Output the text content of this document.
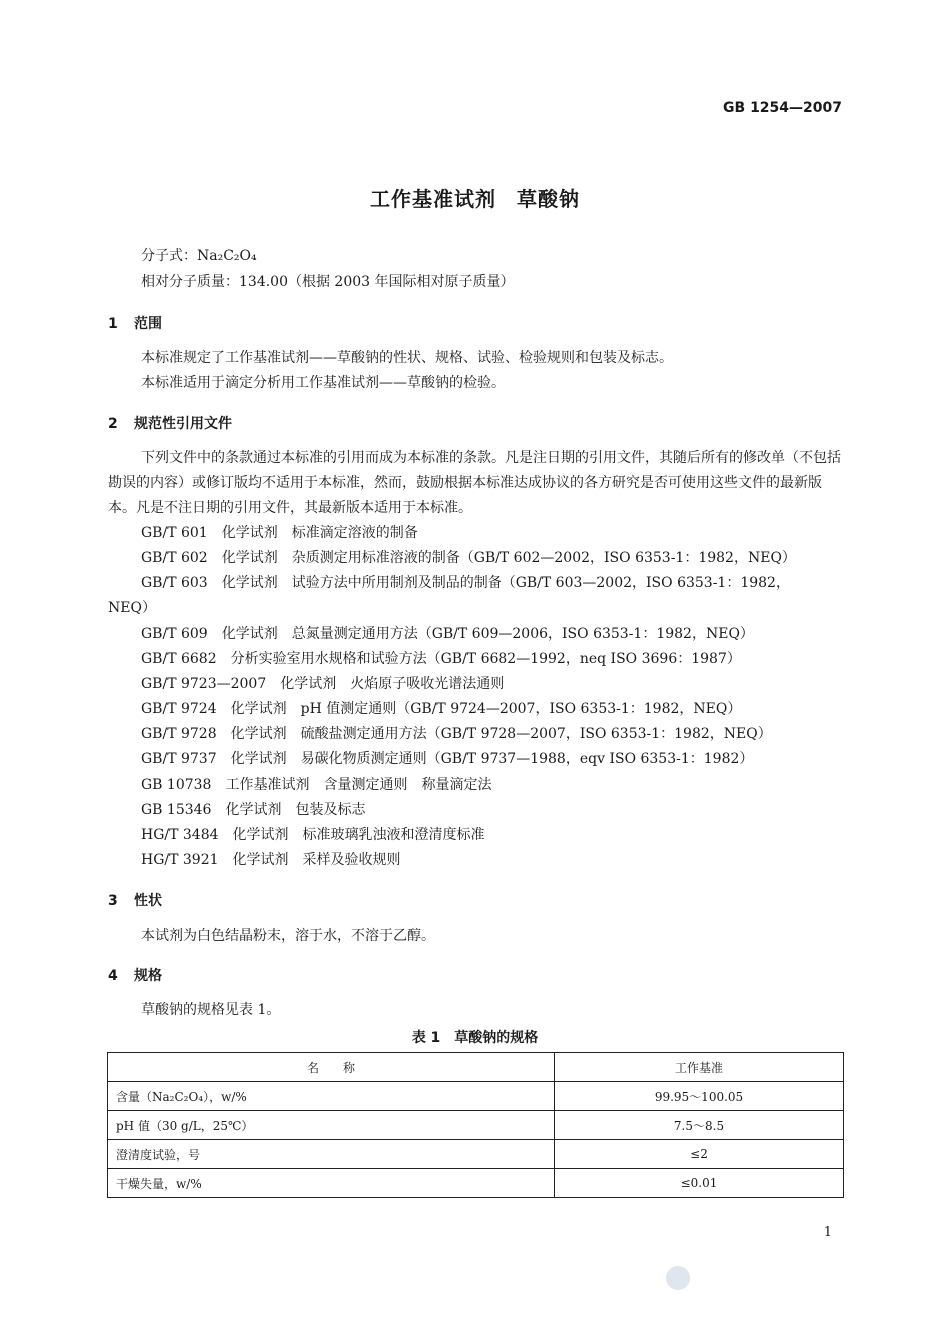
GB 1254—2007
工作基准试剂　草酸钠
分子式：Na₂C₂O₄
相对分子质量：134.00（根据 2003 年国际相对原子质量）
1 范围
本标准规定了工作基准试剂——草酸钠的性状、规格、试验、检验规则和包装及标志。
本标准适用于滴定分析用工作基准试剂——草酸钠的检验。
2 规范性引用文件
下列文件中的条款通过本标准的引用而成为本标准的条款。凡是注日期的引用文件，其随后所有的修改单（不包括勘误的内容）或修订版均不适用于本标准，然而，鼓励根据本标准达成协议的各方研究是否可使用这些文件的最新版本。凡是不注日期的引用文件，其最新版本适用于本标准。
GB/T 601　化学试剂　标准滴定溶液的制备
GB/T 602　化学试剂　杂质测定用标准溶液的制备（GB/T 602—2002，ISO 6353-1：1982，NEQ）
GB/T 603　化学试剂　试验方法中所用制剂及制品的制备（GB/T 603—2002，ISO 6353-1：1982，
NEQ）
GB/T 609　化学试剂　总氮量测定通用方法（GB/T 609—2006，ISO 6353-1：1982，NEQ）
GB/T 6682　分析实验室用水规格和试验方法（GB/T 6682—1992，neq ISO 3696：1987）
GB/T 9723—2007　化学试剂　火焰原子吸收光谱法通则
GB/T 9724　化学试剂　pH 值测定通则（GB/T 9724—2007，ISO 6353-1：1982，NEQ）
GB/T 9728　化学试剂　硫酸盐测定通用方法（GB/T 9728—2007，ISO 6353-1：1982，NEQ）
GB/T 9737　化学试剂　易碳化物质测定通则（GB/T 9737—1988，eqv ISO 6353-1：1982）
GB 10738　工作基准试剂　含量测定通则　称量滴定法
GB 15346　化学试剂　包装及标志
HG/T 3484　化学试剂　标准玻璃乳浊液和澄清度标准
HG/T 3921　化学试剂　采样及验收规则
3 性状
本试剂为白色结晶粉末，溶于水，不溶于乙醇。
4 规格
草酸钠的规格见表 1。
表 1　草酸钠的规格
名　　称	工作基准
含量（Na₂C₂O₄），w/%	99.95～100.05
pH 值（30 g/L，25℃）	7.5～8.5
澄清度试验，号	≤2
干燥失量，w/%	≤0.01
1
